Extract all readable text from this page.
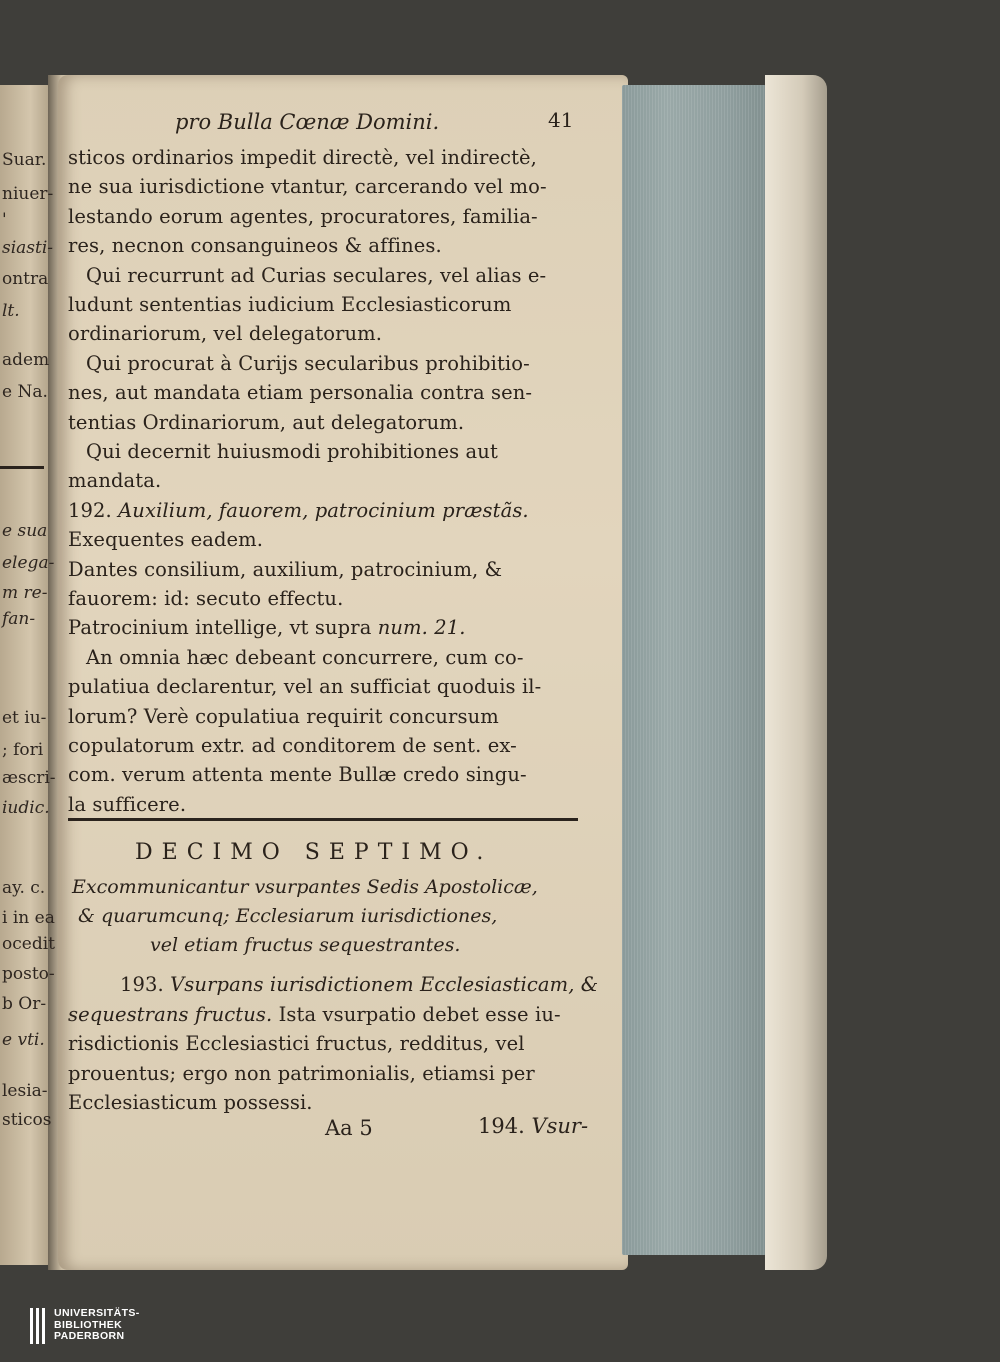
Suar.
niuer-
'
siasti-
ontra
lt.
adem
e Na.
e sua
elega-
m re-
fan-
et iu-
; fori
æscri-
iudic.
ay. c.
i in ea
ocedit
posto-
b Or-
e vti.
lesia-
sticos
pro Bulla Cœnæ Domini.	41
sticos ordinarios impedit directè, vel indirectè,
ne sua iurisdictione vtantur, carcerando vel mo-
lestando eorum agentes, procuratores, familia-
res, necnon consanguineos & affines.
Qui recurrunt ad Curias seculares, vel alias e-
ludunt sententias iudicium Ecclesiasticorum
ordinariorum, vel delegatorum.
Qui procurat à Curijs secularibus prohibitio-
nes, aut mandata etiam personalia contra sen-
tentias Ordinariorum, aut delegatorum.
Qui decernit huiusmodi prohibitiones aut
mandata.
192. Auxilium, fauorem, patrocinium præstãs.
Exequentes eadem.
Dantes consilium, auxilium, patrocinium, &
fauorem: id: secuto effectu.
Patrocinium intellige, vt supra num. 21.
An omnia hæc debeant concurrere, cum co-
pulatiua declarentur, vel an sufficiat quoduis il-
lorum? Verè copulatiua requirit concursum
copulatorum extr. ad conditorem de sent. ex-
com. verum attenta mente Bullæ credo singu-
la sufficere.
DECIMO SEPTIMO.
Excommunicantur vsurpantes Sedis Apostolicæ,
& quarumcunq; Ecclesiarum iurisdictiones,
vel etiam fructus sequestrantes.
193. Vsurpans iurisdictionem Ecclesiasticam, &
sequestrans fructus. Ista vsurpatio debet esse iu-
risdictionis Ecclesiastici fructus, redditus, vel
prouentus; ergo non patrimonialis, etiamsi per
Ecclesiasticum possessi.
Aa 5	194. Vsur-
UNIVERSITÄTS-
BIBLIOTHEK
PADERBORN
